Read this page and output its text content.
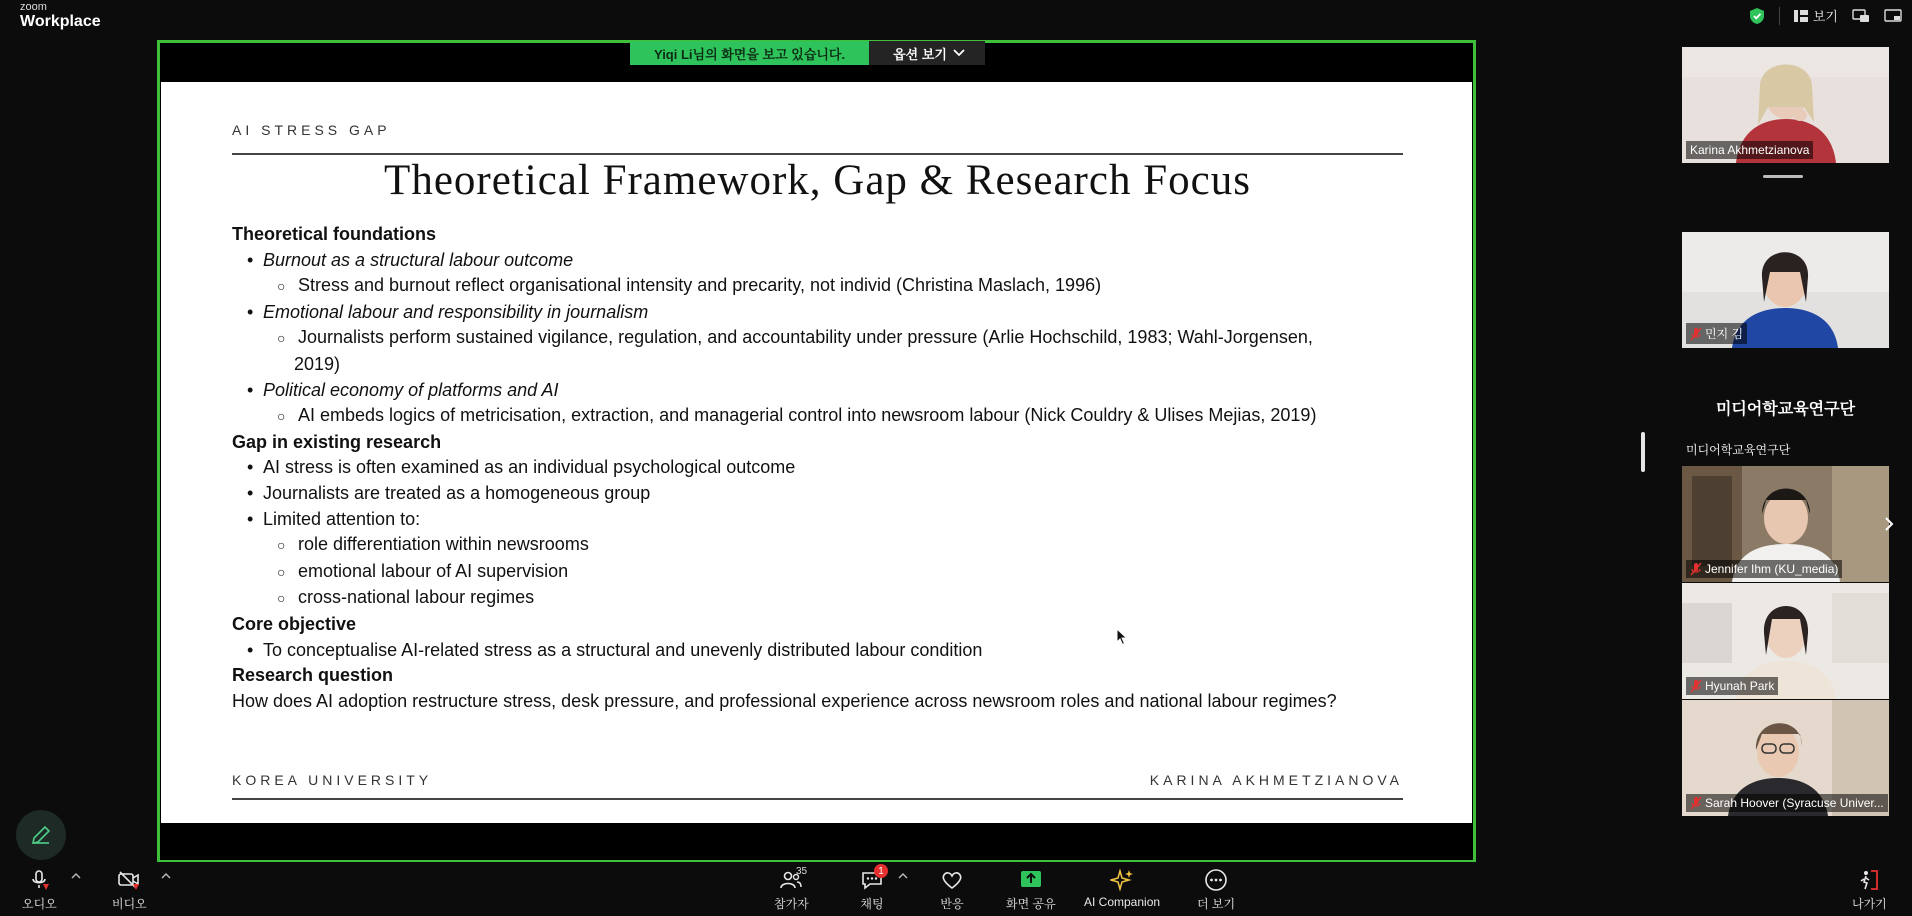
zoom
Workplace	보기
Yiqi Li님의 화면을 보고 있습니다.	옵션 보기
AI STRESS GAP
Theoretical Framework, Gap & Research Focus
Theoretical foundations
• Burnout as a structural labour outcome
○ Stress and burnout reflect organisational intensity and precarity, not individ (Christina Maslach, 1996)
• Emotional labour and responsibility in journalism
○ Journalists perform sustained vigilance, regulation, and accountability under pressure (Arlie Hochschild, 1983; Wahl-Jorgensen,
2019)
• Political economy of platforms and AI
○ AI embeds logics of metricisation, extraction, and managerial control into newsroom labour (Nick Couldry & Ulises Mejias, 2019)
Gap in existing research
• AI stress is often examined as an individual psychological outcome
• Journalists are treated as a homogeneous group
• Limited attention to:
○ role differentiation within newsrooms
○ emotional labour of AI supervision
○ cross-national labour regimes
Core objective
• To conceptualise AI-related stress as a structural and unevenly distributed labour condition
Research question
How does AI adoption restructure stress, desk pressure, and professional experience across newsroom roles and national labour regimes?
KOREA UNIVERSITY	KARINA AKHMETZIANOVA
Karina Akhmetzianova
민지 김
미디어학교육연구단
미디어학교육연구단
Jennifer Ihm (KU_media)
Hyunah Park
Sarah Hoover (Syracuse Univer...
오디오	비디오
35
참가자
1
채팅	반응	화면 공유 AI Companion	더 보기	나가기
